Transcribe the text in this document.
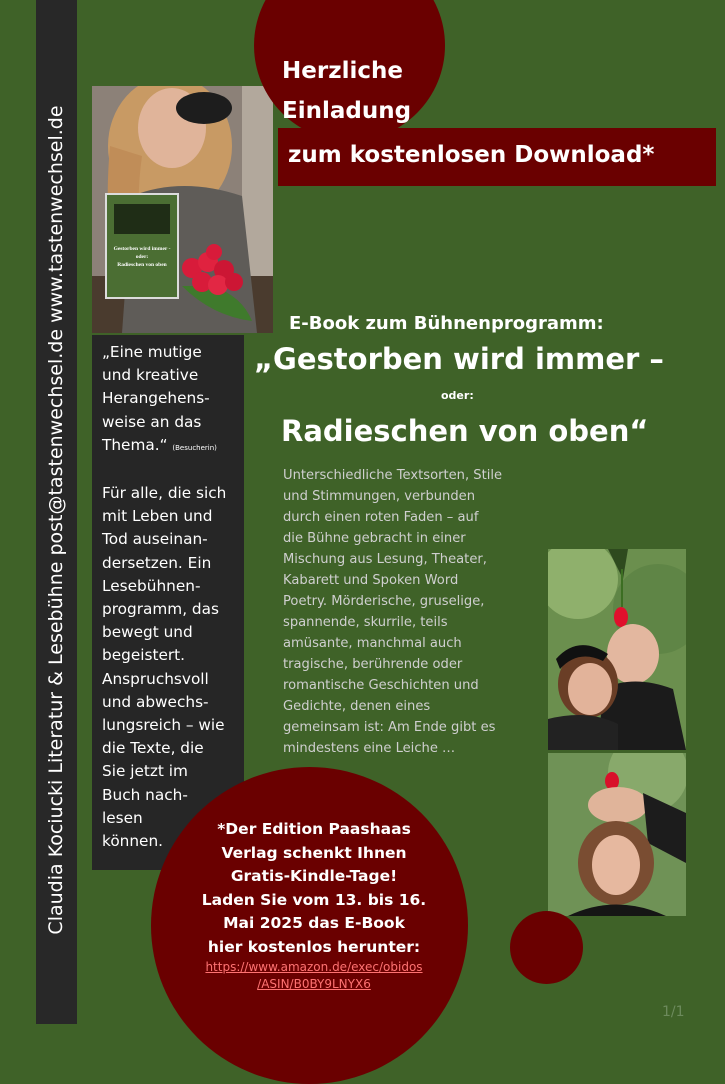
Claudia Kociucki Literatur & Lesebühne post@tastenwechsel.de www.tastenwechsel.de	Gestorben wird immer -
oder:
Radieschen von oben

„Eine mutige

und kreative

Herangehens-

weise an das

Thema.“ (Besucherin)

Für alle, die sich

mit Leben und

Tod auseinan-

dersetzen. Ein

Lesebühnen-

programm, das

bewegt und

begeistert.

Anspruchsvoll

und abwechs-

lungsreich – wie

die Texte, die

Sie jetzt im

Buch nach-

lesen

können.

Herzliche
Einladung
zum kostenlosen Download*
E-Book zum Bühnenprogramm:
„Gestorben wird immer –
oder:
Radieschen von oben“
Unterschiedliche Textsorten, Stile
und Stimmungen, verbunden
durch einen roten Faden – auf
die Bühne gebracht in einer
Mischung aus Lesung, Theater,
Kabarett und Spoken Word
Poetry. Mörderische, gruselige,
spannende, skurrile, teils
amüsante, manchmal auch
tragische, berührende oder
romantische Geschichten und
Gedichte, denen eines
gemeinsam ist: Am Ende gibt es
mindestens eine Leiche …
*Der Edition Paashaas
Verlag schenkt Ihnen
Gratis-Kindle-Tage!
Laden Sie vom 13. bis 16.
Mai 2025 das E-Book
hier kostenlos herunter:
https://www.amazon.de/exec/obidos
/ASIN/B0BY9LNYX6
1/1
